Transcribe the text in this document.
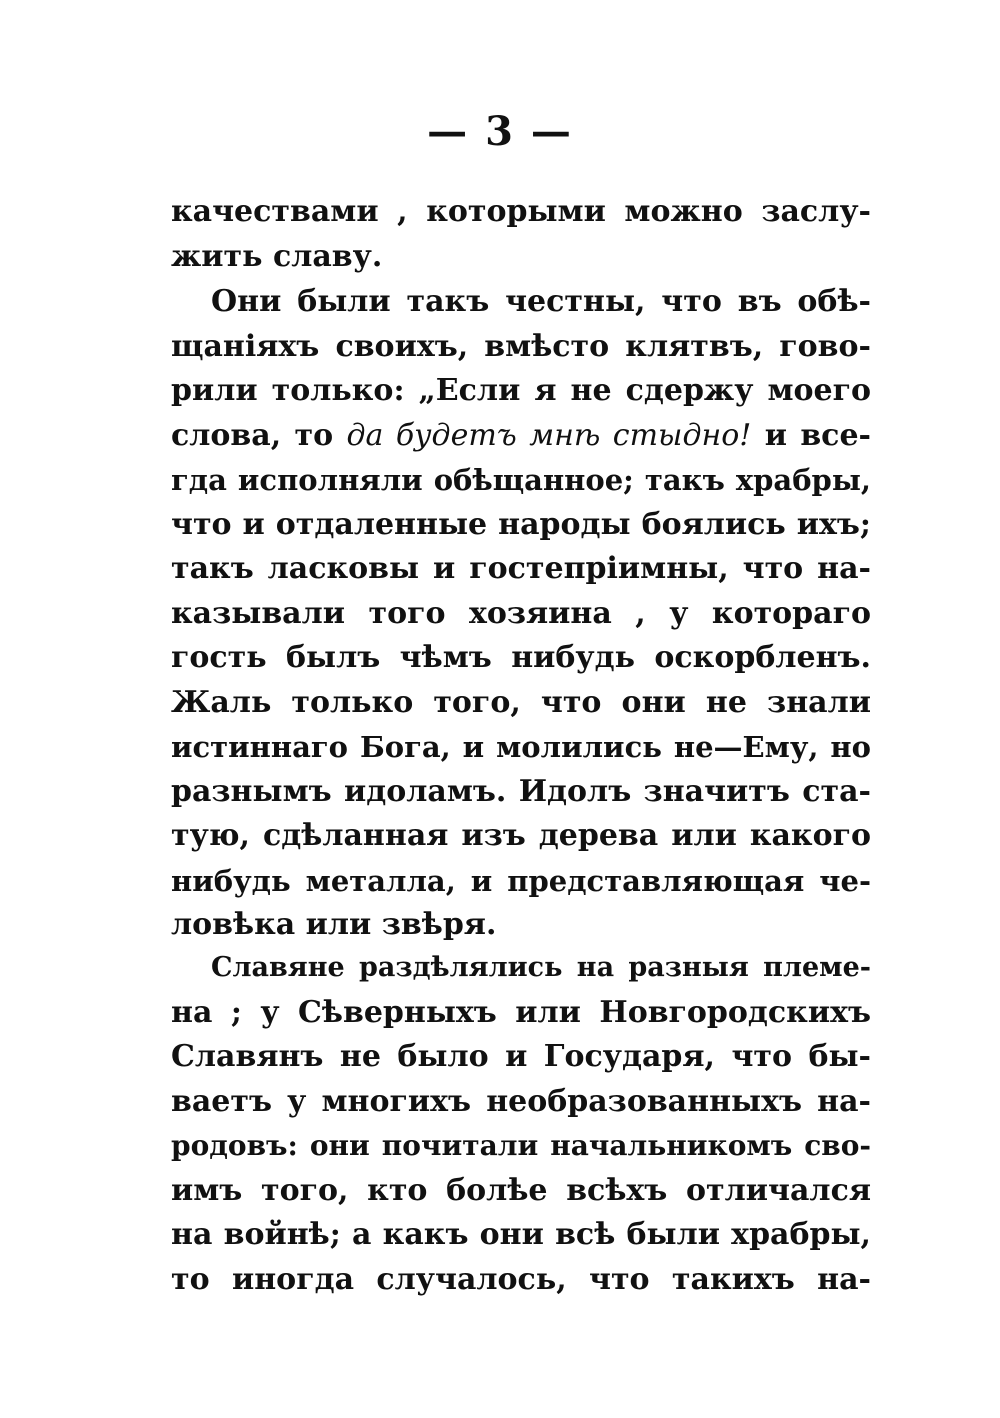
— 3 —
качествами , которыми можно заслу-
жить славу.
Они были такъ честны, что въ обѣ-
щаніяхъ своихъ, вмѣсто клятвъ, гово-
рили только: „Если я не сдержу моего
слова, то да будетъ мнѣ стыдно! и все-
гда исполняли обѣщанное; такъ храбры,
что и отдаленные народы боялись ихъ;
такъ ласковы и гостепріимны, что на-
казывали того хозяина , у котораго
гость былъ чѣмъ нибудь оскорбленъ.
Жаль только того, что они не знали
истиннаго Бога, и молились не—Ему, но
разнымъ идоламъ. Идолъ значитъ ста-
тую, сдѣланная изъ дерева или какого
нибудь металла, и представляющая че-
ловѣка или звѣря.
Славяне раздѣлялись на разныя племе-
на ; у Сѣверныхъ или Новгородскихъ
Славянъ не было и Государя, что бы-
ваетъ у многихъ необразованныхъ на-
родовъ: они почитали начальникомъ сво-
имъ того, кто болѣе всѣхъ отличался
на войнѣ; а какъ они всѣ были храбры,
то иногда случалось, что такихъ на-
